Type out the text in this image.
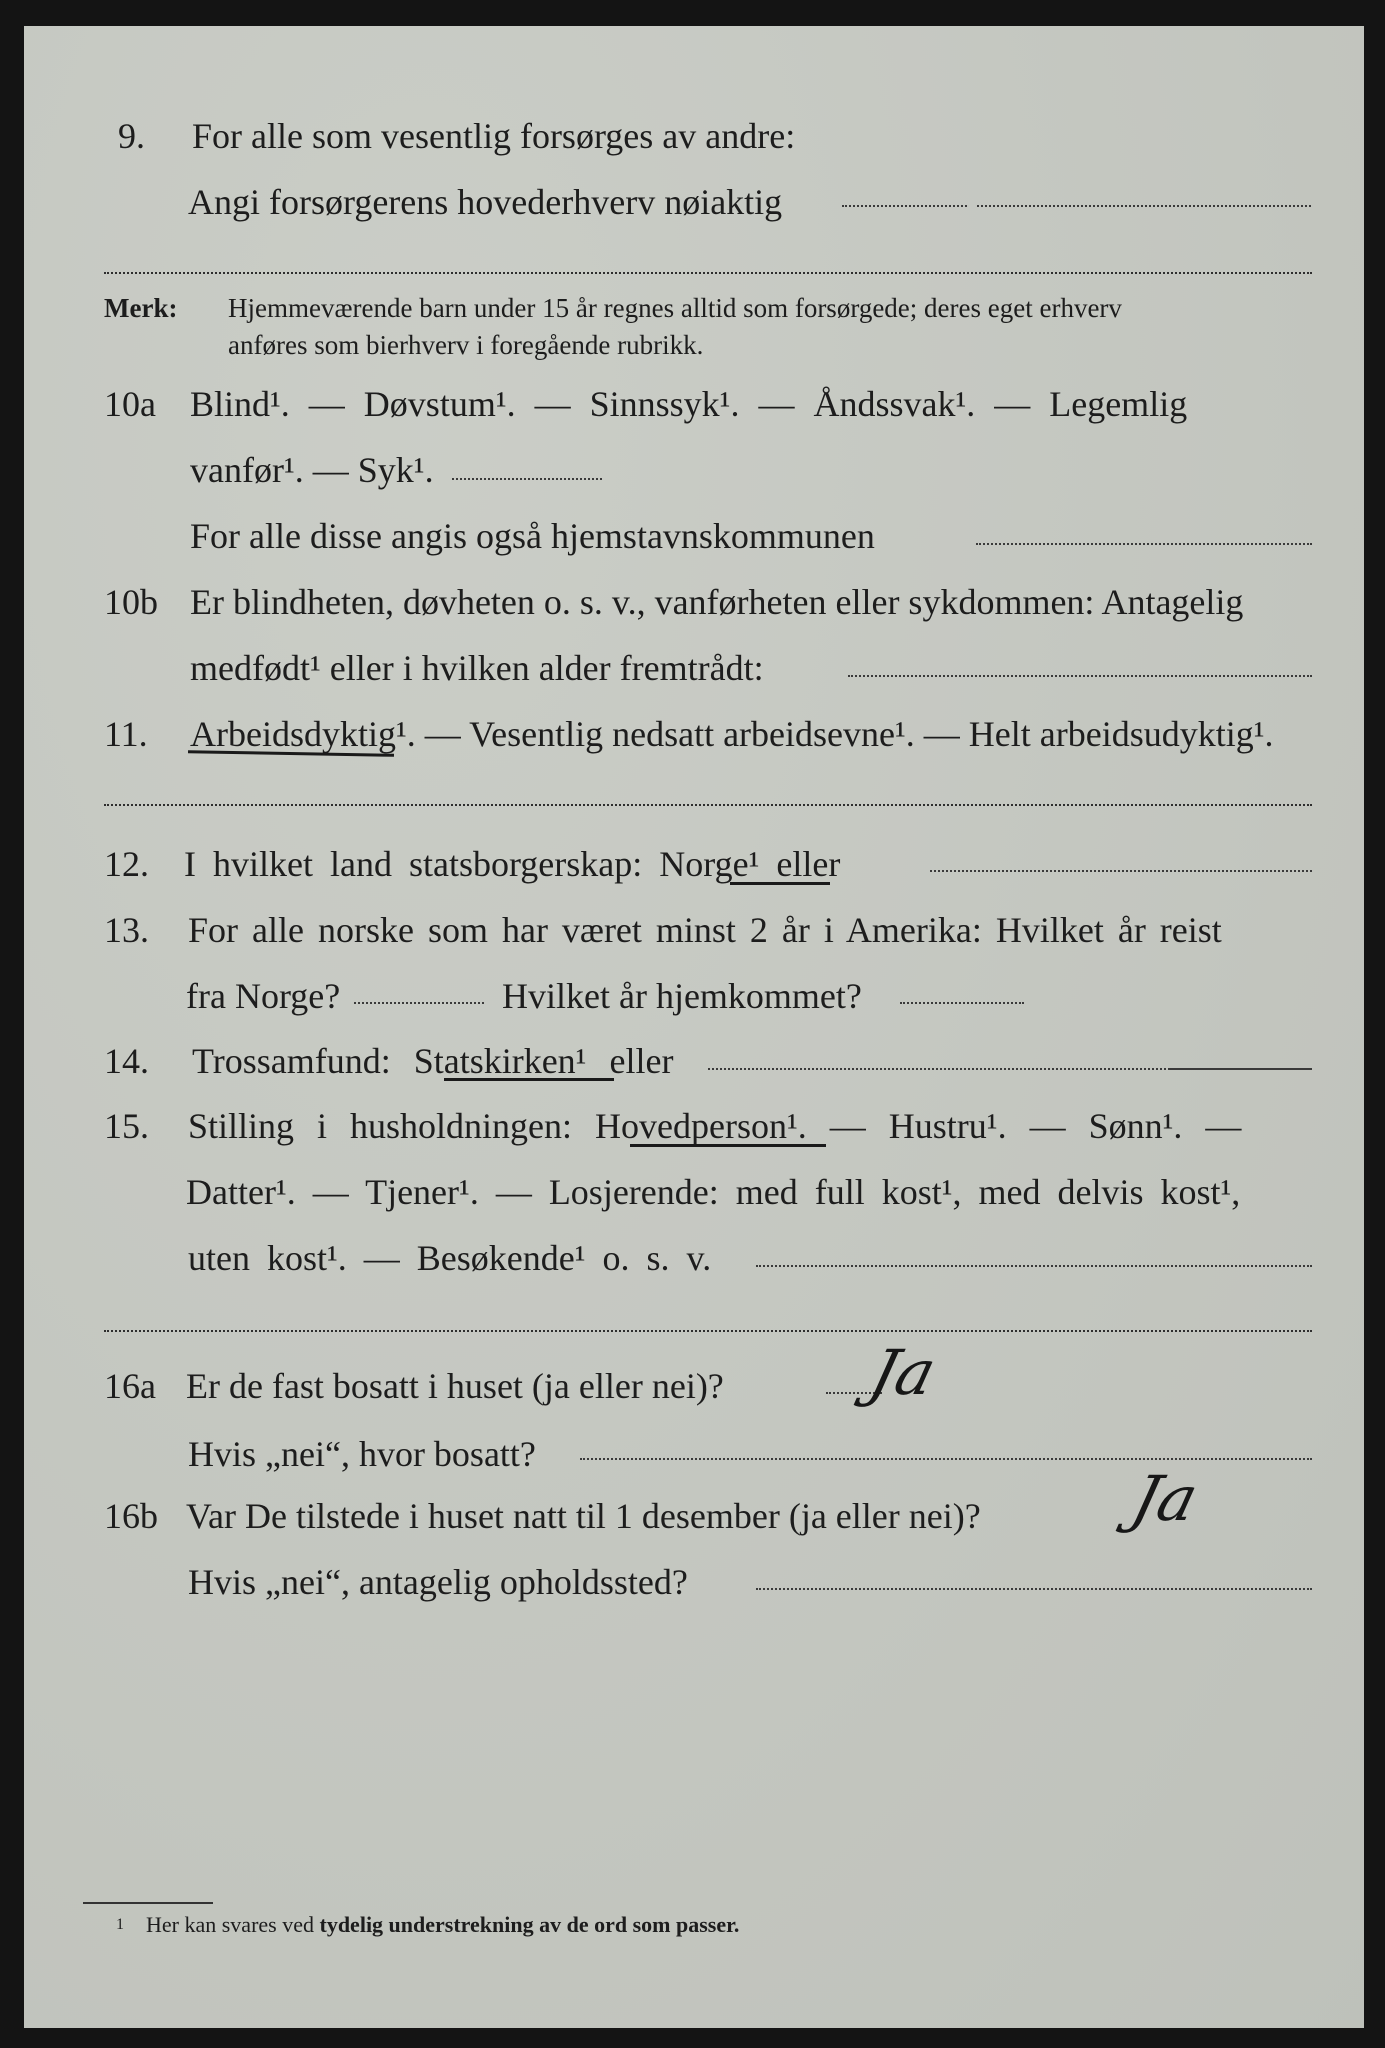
9. For alle som vesentlig forsørges av andre:
Angi forsørgerens hovederhverv nøiaktig
Merk: Hjemmeværende barn under 15 år regnes alltid som forsørgede; deres eget erhverv
anføres som bierhverv i foregående rubrikk.
10a Blind¹. — Døvstum¹. — Sinnssyk¹. — Åndssvak¹. — Legemlig
vanfør¹. — Syk¹.
For alle disse angis også hjemstavnskommunen
10b Er blindheten, døvheten o. s. v., vanførheten eller sykdommen: Antagelig
medfødt¹ eller i hvilken alder fremtrådt:
11. Arbeidsdyktig¹. — Vesentlig nedsatt arbeidsevne¹. — Helt arbeidsudyktig¹.
12. I hvilket land statsborgerskap: Norge¹ eller
13. For alle norske som har været minst 2 år i Amerika: Hvilket år reist
fra Norge?	Hvilket år hjemkommet?
14. Trossamfund: Statskirken¹ eller
15. Stilling i husholdningen: Hovedperson¹. — Hustru¹. — Sønn¹. —
Datter¹. — Tjener¹. — Losjerende: med full kost¹, med delvis kost¹,
uten kost¹. — Besøkende¹ o. s. v.
16a Er de fast bosatt i huset (ja eller nei)? Ja
Hvis „nei“, hvor bosatt?
16b Var De tilstede i huset natt til 1 desember (ja eller nei)? Ja
Hvis „nei“, antagelig opholdssted?
$^1$ Her kan svares ved tydelig understrekning av de ord som passer.
